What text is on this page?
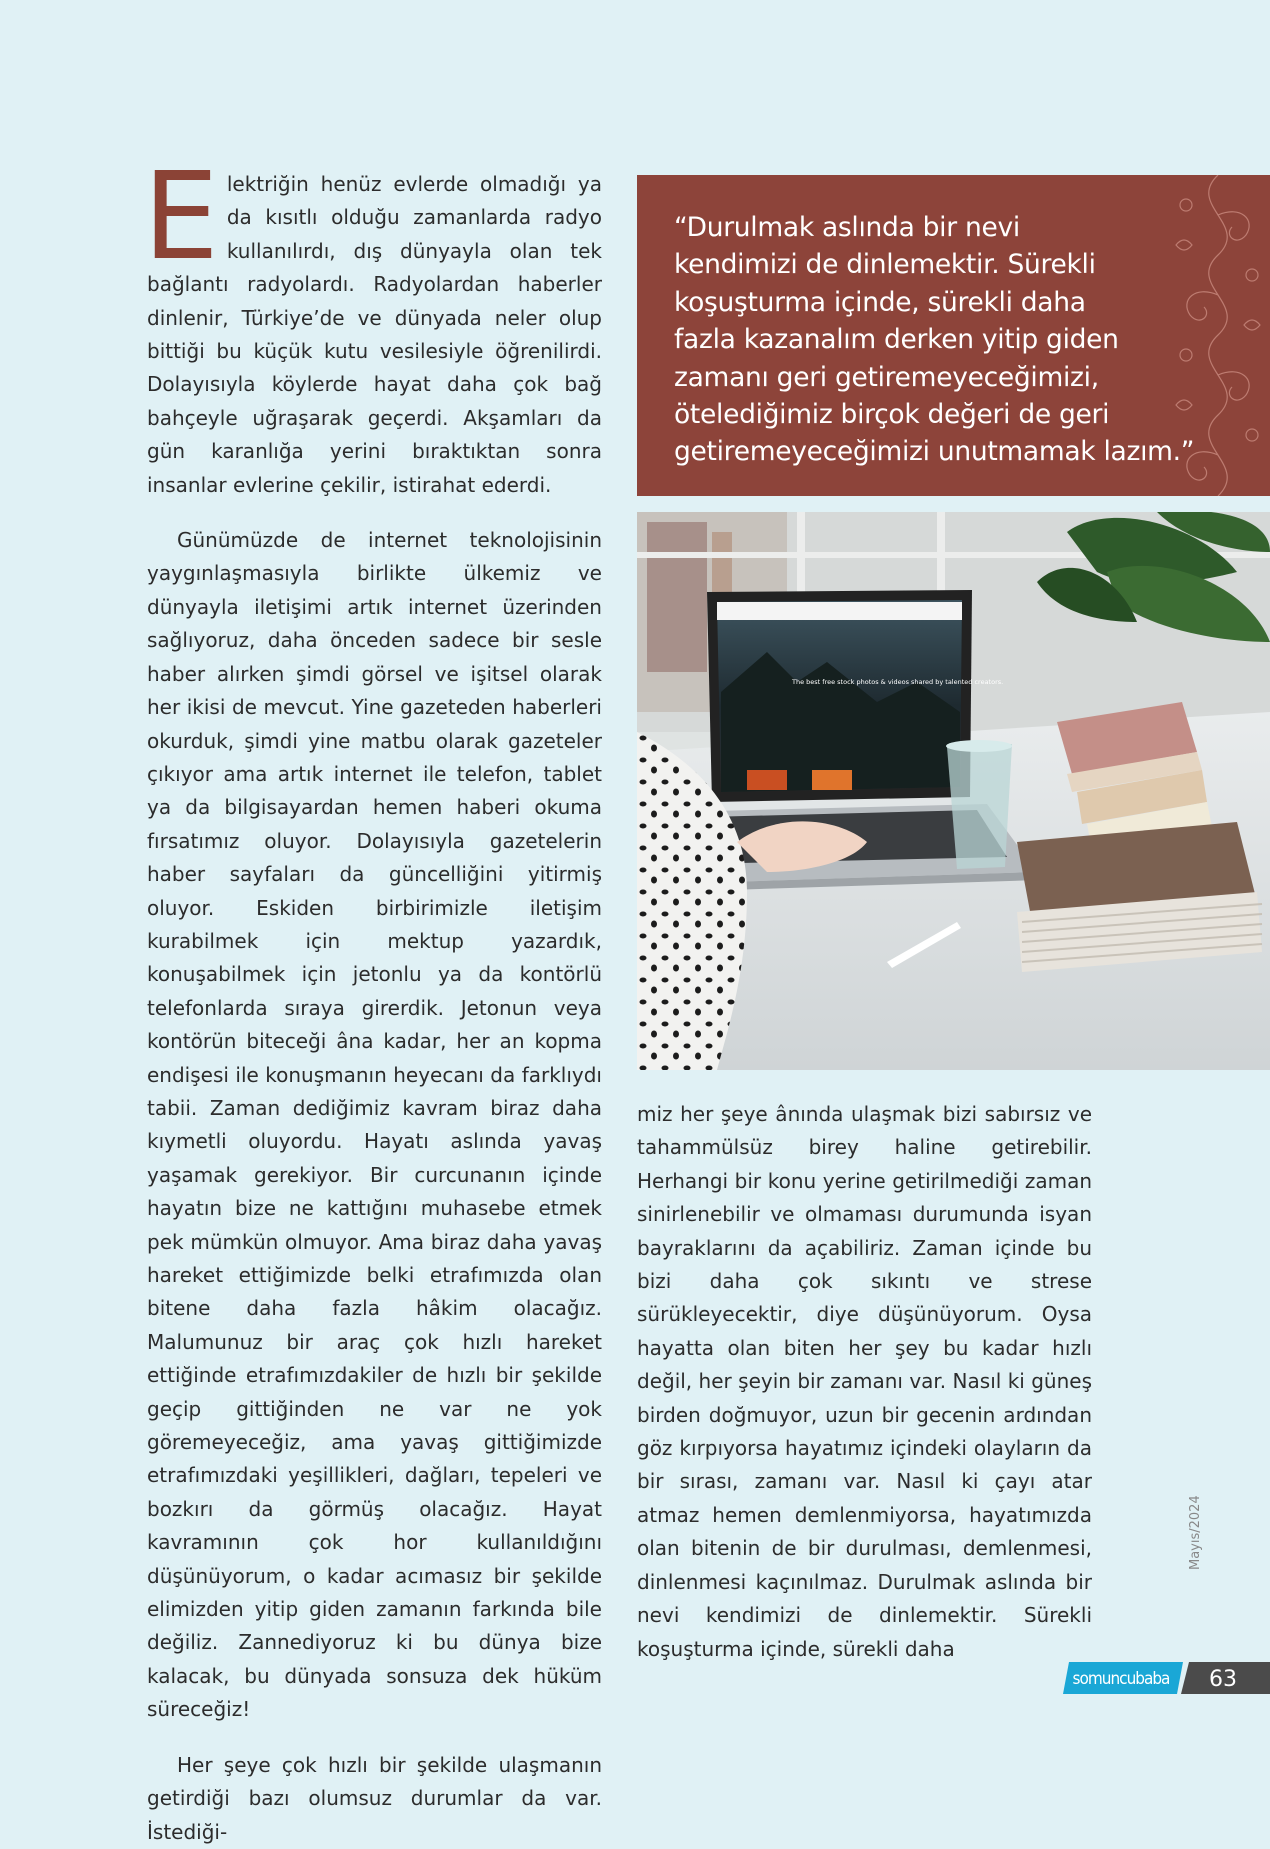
Elektriğin henüz evlerde olmadığı ya da kısıtlı olduğu zamanlarda radyo kullanılırdı, dış dünyayla olan tek bağlantı radyolardı. Radyolardan haberler dinlenir, Türkiye’de ve dünyada neler olup bittiği bu küçük kutu vesilesiyle öğrenilirdi. Dolayısıyla köylerde hayat daha çok bağ bahçeyle uğraşarak geçerdi. Akşamları da gün karanlığa yerini bıraktıktan sonra insanlar evlerine çekilir, istirahat ederdi.

Günümüzde de internet teknolojisinin yaygınlaşmasıyla birlikte ülkemiz ve dünyayla iletişimi artık internet üzerinden sağlıyoruz, daha önceden sadece bir sesle haber alırken şimdi görsel ve işitsel olarak her ikisi de mevcut. Yine gazeteden haberleri okurduk, şimdi yine matbu olarak gazeteler çıkıyor ama artık internet ile telefon, tablet ya da bilgisayardan hemen haberi okuma fırsatımız oluyor. Dolayısıyla gazetelerin haber sayfaları da güncelliğini yitirmiş oluyor. Eskiden birbirimizle iletişim kurabilmek için mektup yazardık, konuşabilmek için jetonlu ya da kontörlü telefonlarda sıraya girerdik. Jetonun veya kontörün biteceği âna kadar, her an kopma endişesi ile konuşmanın heyecanı da farklıydı tabii. Zaman dediğimiz kavram biraz daha kıymetli oluyordu. Hayatı aslında yavaş yaşamak gerekiyor. Bir curcunanın içinde hayatın bize ne kattığını muhasebe etmek pek mümkün olmuyor. Ama biraz daha yavaş hareket ettiğimizde belki etrafımızda olan bitene daha fazla hâkim olacağız. Malumunuz bir araç çok hızlı hareket ettiğinde etrafımızdakiler de hızlı bir şekilde geçip gittiğinden ne var ne yok göremeyeceğiz, ama yavaş gittiğimizde etrafımızdaki yeşillikleri, dağları, tepeleri ve bozkırı da görmüş olacağız. Hayat kavramının çok hor kullanıldığını düşünüyorum, o kadar acımasız bir şekilde elimizden yitip giden zamanın farkında bile değiliz. Zannediyoruz ki bu dünya bize kalacak, bu dünyada sonsuza dek hüküm süreceğiz!

Her şeye çok hızlı bir şekilde ulaşmanın getirdiği bazı olumsuz durumlar da var. İstediği-

“Durulmak aslında bir nevi
kendimizi de dinlemektir. Sürekli
koşuşturma içinde, sürekli daha
fazla kazanalım derken yitip giden
zamanı geri getiremeyeceğimizi,
ötelediğimiz birçok değeri de geri
getiremeyeceğimizi unutmamak lazım.”
The best free stock photos & videos shared by talented creators.

miz her şeye ânında ulaşmak bizi sabırsız ve tahammülsüz birey haline getirebilir. Herhangi bir konu yerine getirilmediği zaman sinirlenebilir ve olmaması durumunda isyan bayraklarını da açabiliriz. Zaman içinde bu bizi daha çok sıkıntı ve strese sürükleyecektir, diye düşünüyorum. Oysa hayatta olan biten her şey bu kadar hızlı değil, her şeyin bir zamanı var. Nasıl ki güneş birden doğmuyor, uzun bir gecenin ardından göz kırpıyorsa hayatımız içindeki olayların da bir sırası, zamanı var. Nasıl ki çayı atar atmaz hemen demlenmiyorsa, hayatımızda olan bitenin de bir durulması, demlenmesi, dinlenmesi kaçınılmaz. Durulmak aslında bir nevi kendimizi de dinlemektir. Sürekli koşuşturma içinde, sürekli daha

Mayıs/2024
somuncubaba 63
